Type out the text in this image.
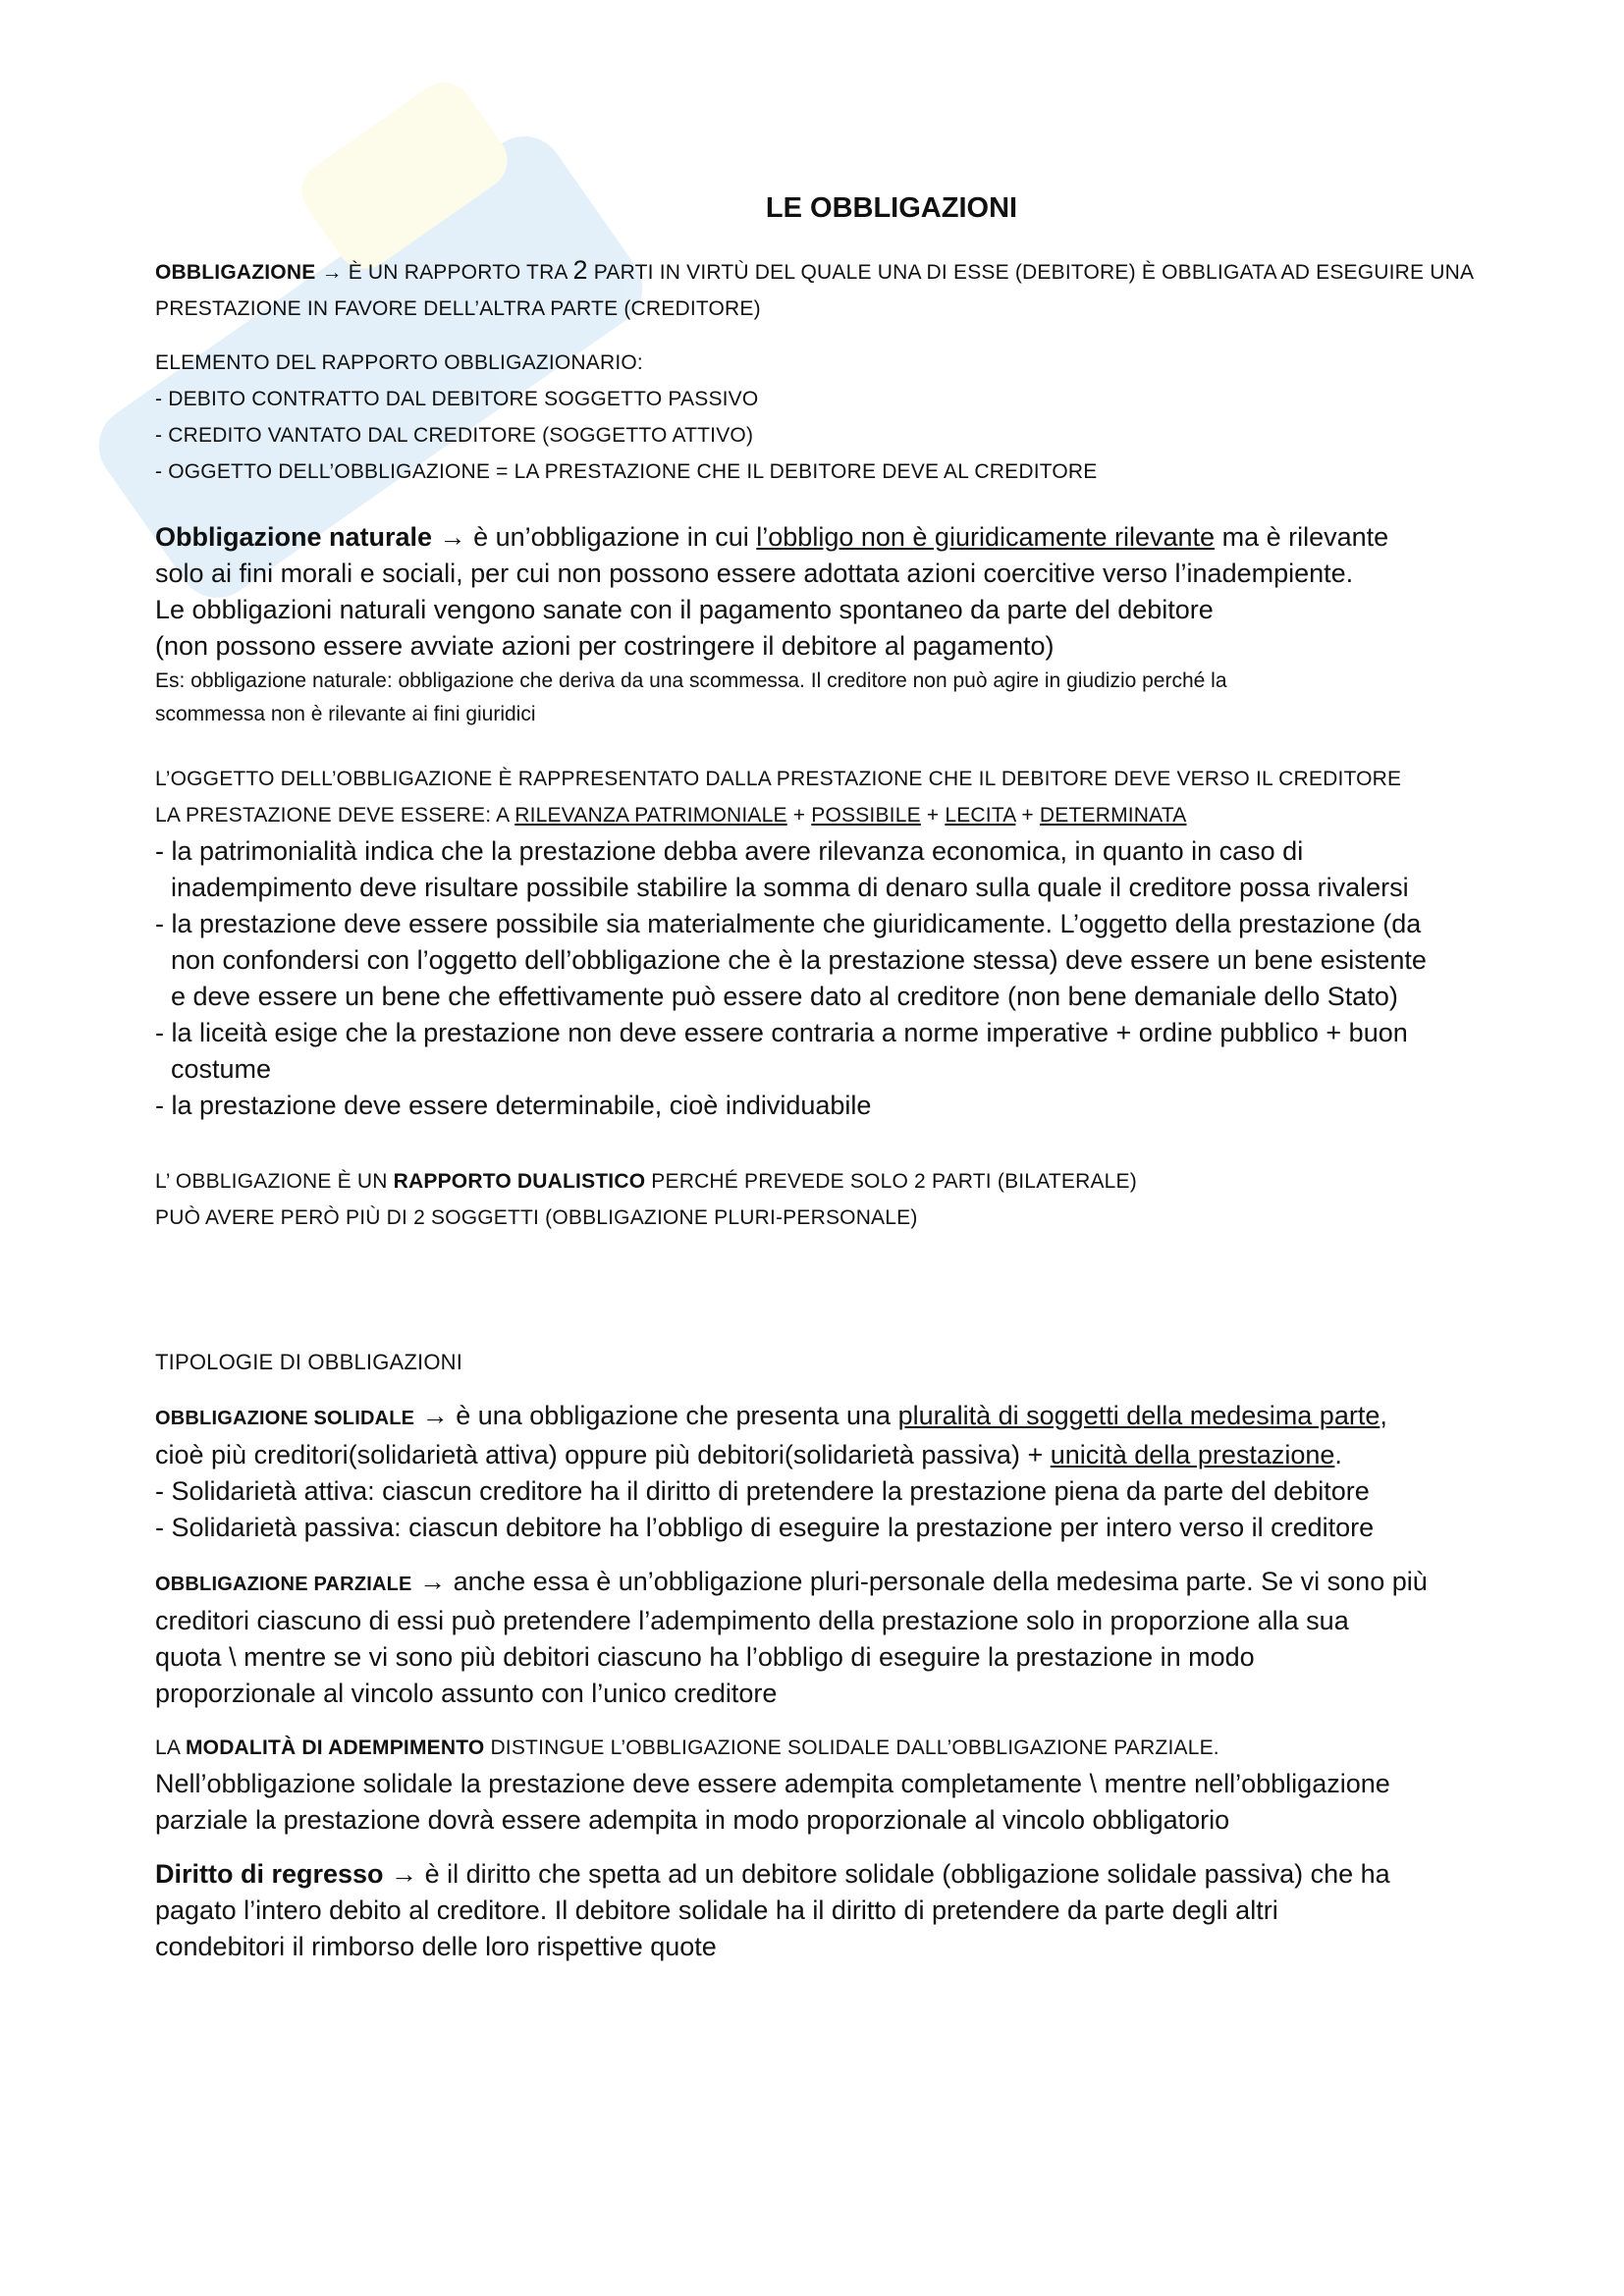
LE OBBLIGAZIONI

OBBLIGAZIONE → È UN RAPPORTO TRA 2 PARTI IN VIRTÙ DEL QUALE UNA DI ESSE (DEBITORE) È OBBLIGATA AD ESEGUIRE UNA

PRESTAZIONE IN FAVORE DELL’ALTRA PARTE (CREDITORE)

ELEMENTO DEL RAPPORTO OBBLIGAZIONARIO:

- DEBITO CONTRATTO DAL DEBITORE SOGGETTO PASSIVO

- CREDITO VANTATO DAL CREDITORE (SOGGETTO ATTIVO)

- OGGETTO DELL’OBBLIGAZIONE = LA PRESTAZIONE CHE IL DEBITORE DEVE AL CREDITORE

Obbligazione naturale → è un’obbligazione in cui l’obbligo non è giuridicamente rilevante ma è rilevante

solo ai fini morali e sociali, per cui non possono essere adottata azioni coercitive verso l’inadempiente.

Le obbligazioni naturali vengono sanate con il pagamento spontaneo da parte del debitore

(non possono essere avviate azioni per costringere il debitore al pagamento)

Es: obbligazione naturale: obbligazione che deriva da una scommessa. Il creditore non può agire in giudizio perché la

scommessa non è rilevante ai fini giuridici

L’OGGETTO DELL’OBBLIGAZIONE È RAPPRESENTATO DALLA PRESTAZIONE CHE IL DEBITORE DEVE VERSO IL CREDITORE

LA PRESTAZIONE DEVE ESSERE: A RILEVANZA PATRIMONIALE + POSSIBILE + LECITA + DETERMINATA

- la patrimonialità indica che la prestazione debba avere rilevanza economica, in quanto in caso di

inadempimento deve risultare possibile stabilire la somma di denaro sulla quale il creditore possa rivalersi

- la prestazione deve essere possibile sia materialmente che giuridicamente. L’oggetto della prestazione (da

non confondersi con l’oggetto dell’obbligazione che è la prestazione stessa) deve essere un bene esistente

e deve essere un bene che effettivamente può essere dato al creditore (non bene demaniale dello Stato)

- la liceità esige che la prestazione non deve essere contraria a norme imperative + ordine pubblico + buon

costume

- la prestazione deve essere determinabile, cioè individuabile

L’ OBBLIGAZIONE È UN RAPPORTO DUALISTICO PERCHÉ PREVEDE SOLO 2 PARTI (BILATERALE)

PUÒ AVERE PERÒ PIÙ DI 2 SOGGETTI (OBBLIGAZIONE PLURI-PERSONALE)

TIPOLOGIE DI OBBLIGAZIONI

OBBLIGAZIONE SOLIDALE → è una obbligazione che presenta una pluralità di soggetti della medesima parte,

cioè più creditori(solidarietà attiva) oppure più debitori(solidarietà passiva) + unicità della prestazione.

- Solidarietà attiva: ciascun creditore ha il diritto di pretendere la prestazione piena da parte del debitore

- Solidarietà passiva: ciascun debitore ha l’obbligo di eseguire la prestazione per intero verso il creditore

OBBLIGAZIONE PARZIALE → anche essa è un’obbligazione pluri-personale della medesima parte. Se vi sono più

creditori ciascuno di essi può pretendere l’adempimento della prestazione solo in proporzione alla sua

quota \ mentre se vi sono più debitori ciascuno ha l’obbligo di eseguire la prestazione in modo

proporzionale al vincolo assunto con l’unico creditore

LA MODALITÀ DI ADEMPIMENTO DISTINGUE L’OBBLIGAZIONE SOLIDALE DALL’OBBLIGAZIONE PARZIALE.

Nell’obbligazione solidale la prestazione deve essere adempita completamente \ mentre nell’obbligazione

parziale la prestazione dovrà essere adempita in modo proporzionale al vincolo obbligatorio

Diritto di regresso → è il diritto che spetta ad un debitore solidale (obbligazione solidale passiva) che ha

pagato l’intero debito al creditore. Il debitore solidale ha il diritto di pretendere da parte degli altri

condebitori il rimborso delle loro rispettive quote
